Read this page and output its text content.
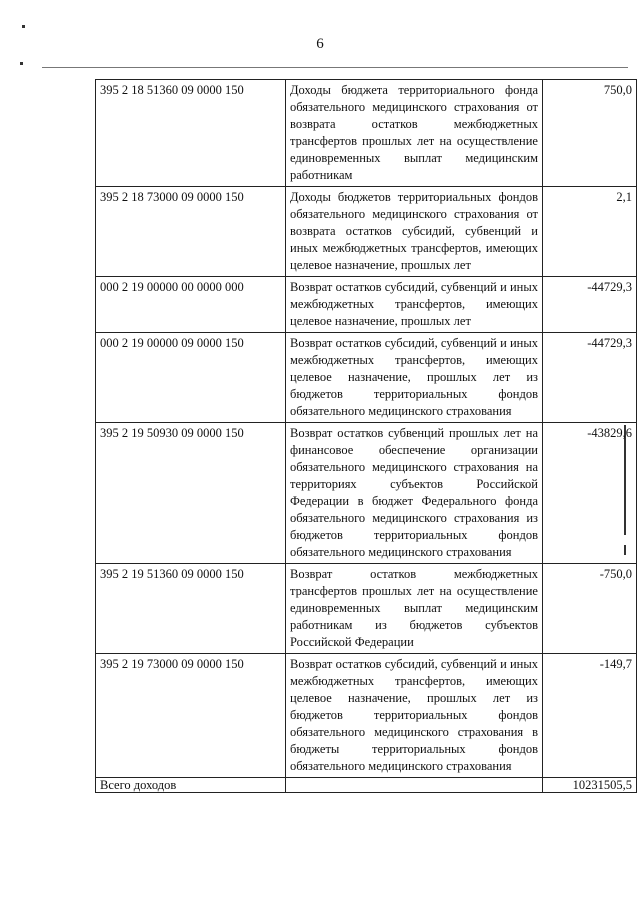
6
395 2 18 51360 09 0000 150	Доходы бюджета территориального фонда обязательного медицинского страхования от возврата остатков межбюджетных трансфертов прошлых лет на осуществление единовременных выплат медицинским работникам	750,0
395 2 18 73000 09 0000 150	Доходы бюджетов территориальных фондов обязательного медицинского страхования от возврата остатков субсидий, субвенций и иных межбюджетных трансфертов, имеющих целевое назначение, прошлых лет	2,1
000 2 19 00000 00 0000 000	Возврат остатков субсидий, субвенций и иных межбюджетных трансфертов, имеющих целевое назначение, прошлых лет	-44729,3
000 2 19 00000 09 0000 150	Возврат остатков субсидий, субвенций и иных межбюджетных трансфертов, имеющих целевое назначение, прошлых лет из бюджетов территориальных фондов обязательного медицинского страхования	-44729,3
395 2 19 50930 09 0000 150	Возврат остатков субвенций прошлых лет на финансовое обеспечение организации обязательного медицинского страхования на территориях субъектов Российской Федерации в бюджет Федерального фонда обязательного медицинского страхования из бюджетов территориальных фондов обязательного медицинского страхования	-43829,6
395 2 19 51360 09 0000 150	Возврат остатков межбюджетных трансфертов прошлых лет на осуществление единовременных выплат медицинским работникам из бюджетов субъектов Российской Федерации	-750,0
395 2 19 73000 09 0000 150	Возврат остатков субсидий, субвенций и иных межбюджетных трансфертов, имеющих целевое назначение, прошлых лет из бюджетов территориальных фондов обязательного медицинского страхования в бюджеты территориальных фондов обязательного медицинского страхования	-149,7
Всего доходов		10231505,5
